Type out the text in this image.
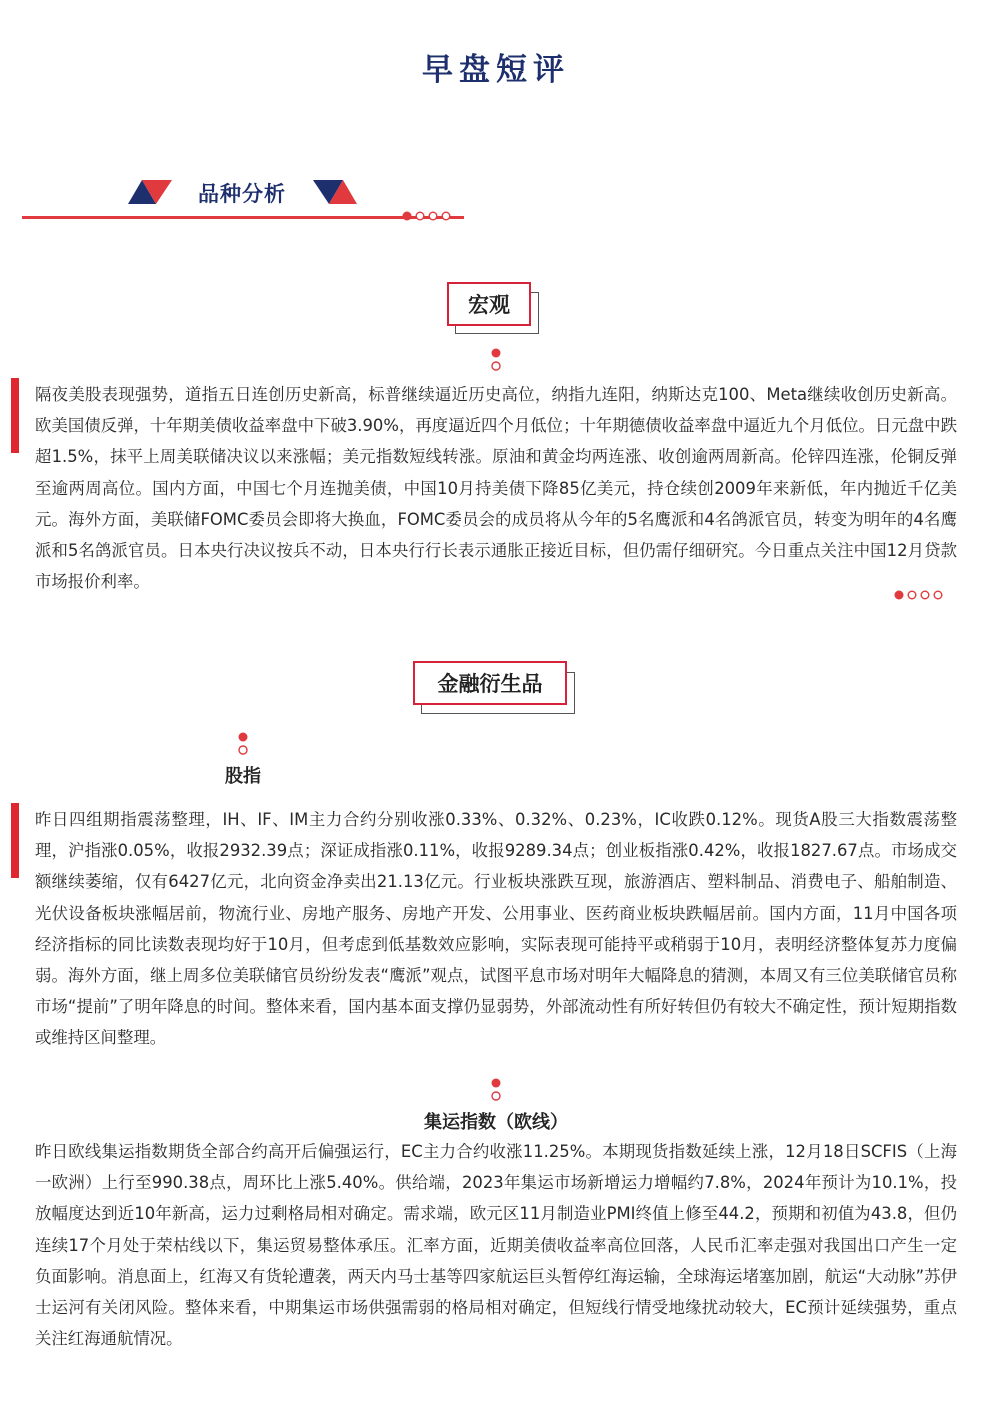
早盘短评
品种分析
宏观

隔夜美股表现强势，道指五日连创历史新高，标普继续逼近历史高位，纳指九连阳，纳斯达克100、Meta继续收创历史新高。欧美国债反弹，十年期美债收益率盘中下破3.90%，再度逼近四个月低位；十年期德债收益率盘中逼近九个月低位。日元盘中跌超1.5%，抹平上周美联储决议以来涨幅；美元指数短线转涨。原油和黄金均两连涨、收创逾两周新高。伦锌四连涨，伦铜反弹至逾两周高位。国内方面，中国七个月连抛美债，中国10月持美债下降85亿美元，持仓续创2009年来新低，年内抛近千亿美元。海外方面，美联储FOMC委员会即将大换血，FOMC委员会的成员将从今年的5名鹰派和4名鸽派官员，转变为明年的4名鹰派和5名鸽派官员。日本央行决议按兵不动，日本央行行长表示通胀正接近目标，但仍需仔细研究。今日重点关注中国12月贷款市场报价利率。

金融衍生品
股指

昨日四组期指震荡整理，IH、IF、IM主力合约分别收涨0.33%、0.32%、0.23%，IC收跌0.12%。现货A股三大指数震荡整理，沪指涨0.05%，收报2932.39点；深证成指涨0.11%，收报9289.34点；创业板指涨0.42%，收报1827.67点。市场成交额继续萎缩，仅有6427亿元，北向资金净卖出21.13亿元。行业板块涨跌互现，旅游酒店、塑料制品、消费电子、船舶制造、光伏设备板块涨幅居前，物流行业、房地产服务、房地产开发、公用事业、医药商业板块跌幅居前。国内方面，11月中国各项经济指标的同比读数表现均好于10月，但考虑到低基数效应影响，实际表现可能持平或稍弱于10月，表明经济整体复苏力度偏弱。海外方面，继上周多位美联储官员纷纷发表“鹰派”观点，试图平息市场对明年大幅降息的猜测，本周又有三位美联储官员称市场“提前”了明年降息的时间。整体来看，国内基本面支撑仍显弱势，外部流动性有所好转但仍有较大不确定性，预计短期指数或维持区间整理。

集运指数（欧线）

昨日欧线集运指数期货全部合约高开后偏强运行，EC主力合约收涨11.25%。本期现货指数延续上涨，12月18日SCFIS（上海一欧洲）上行至990.38点，周环比上涨5.40%。供给端，2023年集运市场新增运力增幅约7.8%，2024年预计为10.1%，投放幅度达到近10年新高，运力过剩格局相对确定。需求端，欧元区11月制造业PMI终值上修至44.2，预期和初值为43.8，但仍连续17个月处于荣枯线以下，集运贸易整体承压。汇率方面，近期美债收益率高位回落，人民币汇率走强对我国出口产生一定负面影响。消息面上，红海又有货轮遭袭，两天内马士基等四家航运巨头暂停红海运输，全球海运堵塞加剧，航运“大动脉”苏伊士运河有关闭风险。整体来看，中期集运市场供强需弱的格局相对确定，但短线行情受地缘扰动较大，EC预计延续强势，重点关注红海通航情况。
